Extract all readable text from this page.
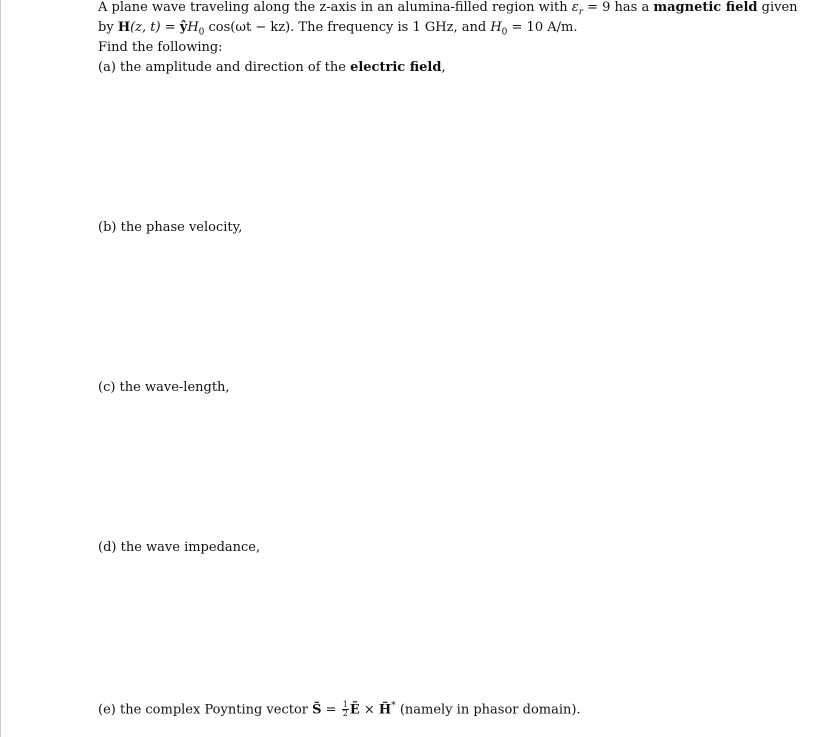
A plane wave traveling along the z-axis in an alumina-filled region with $\varepsilon_r = 9$ has a magnetic field given
by H(z, $t) = ŷH_0$ cos(ωt − kz). The frequency is 1 GHz, and $H_0 = 10$ A/m.
Find the following:
(a) the amplitude and direction of the electric field,
(b) the phase velocity,
(c) the wave-length,
(d) the wave impedance,
(e) the complex Poynting vector S̃ = $\frac{1}{2}$ Ẽ × H̃* (namely in phasor domain).
